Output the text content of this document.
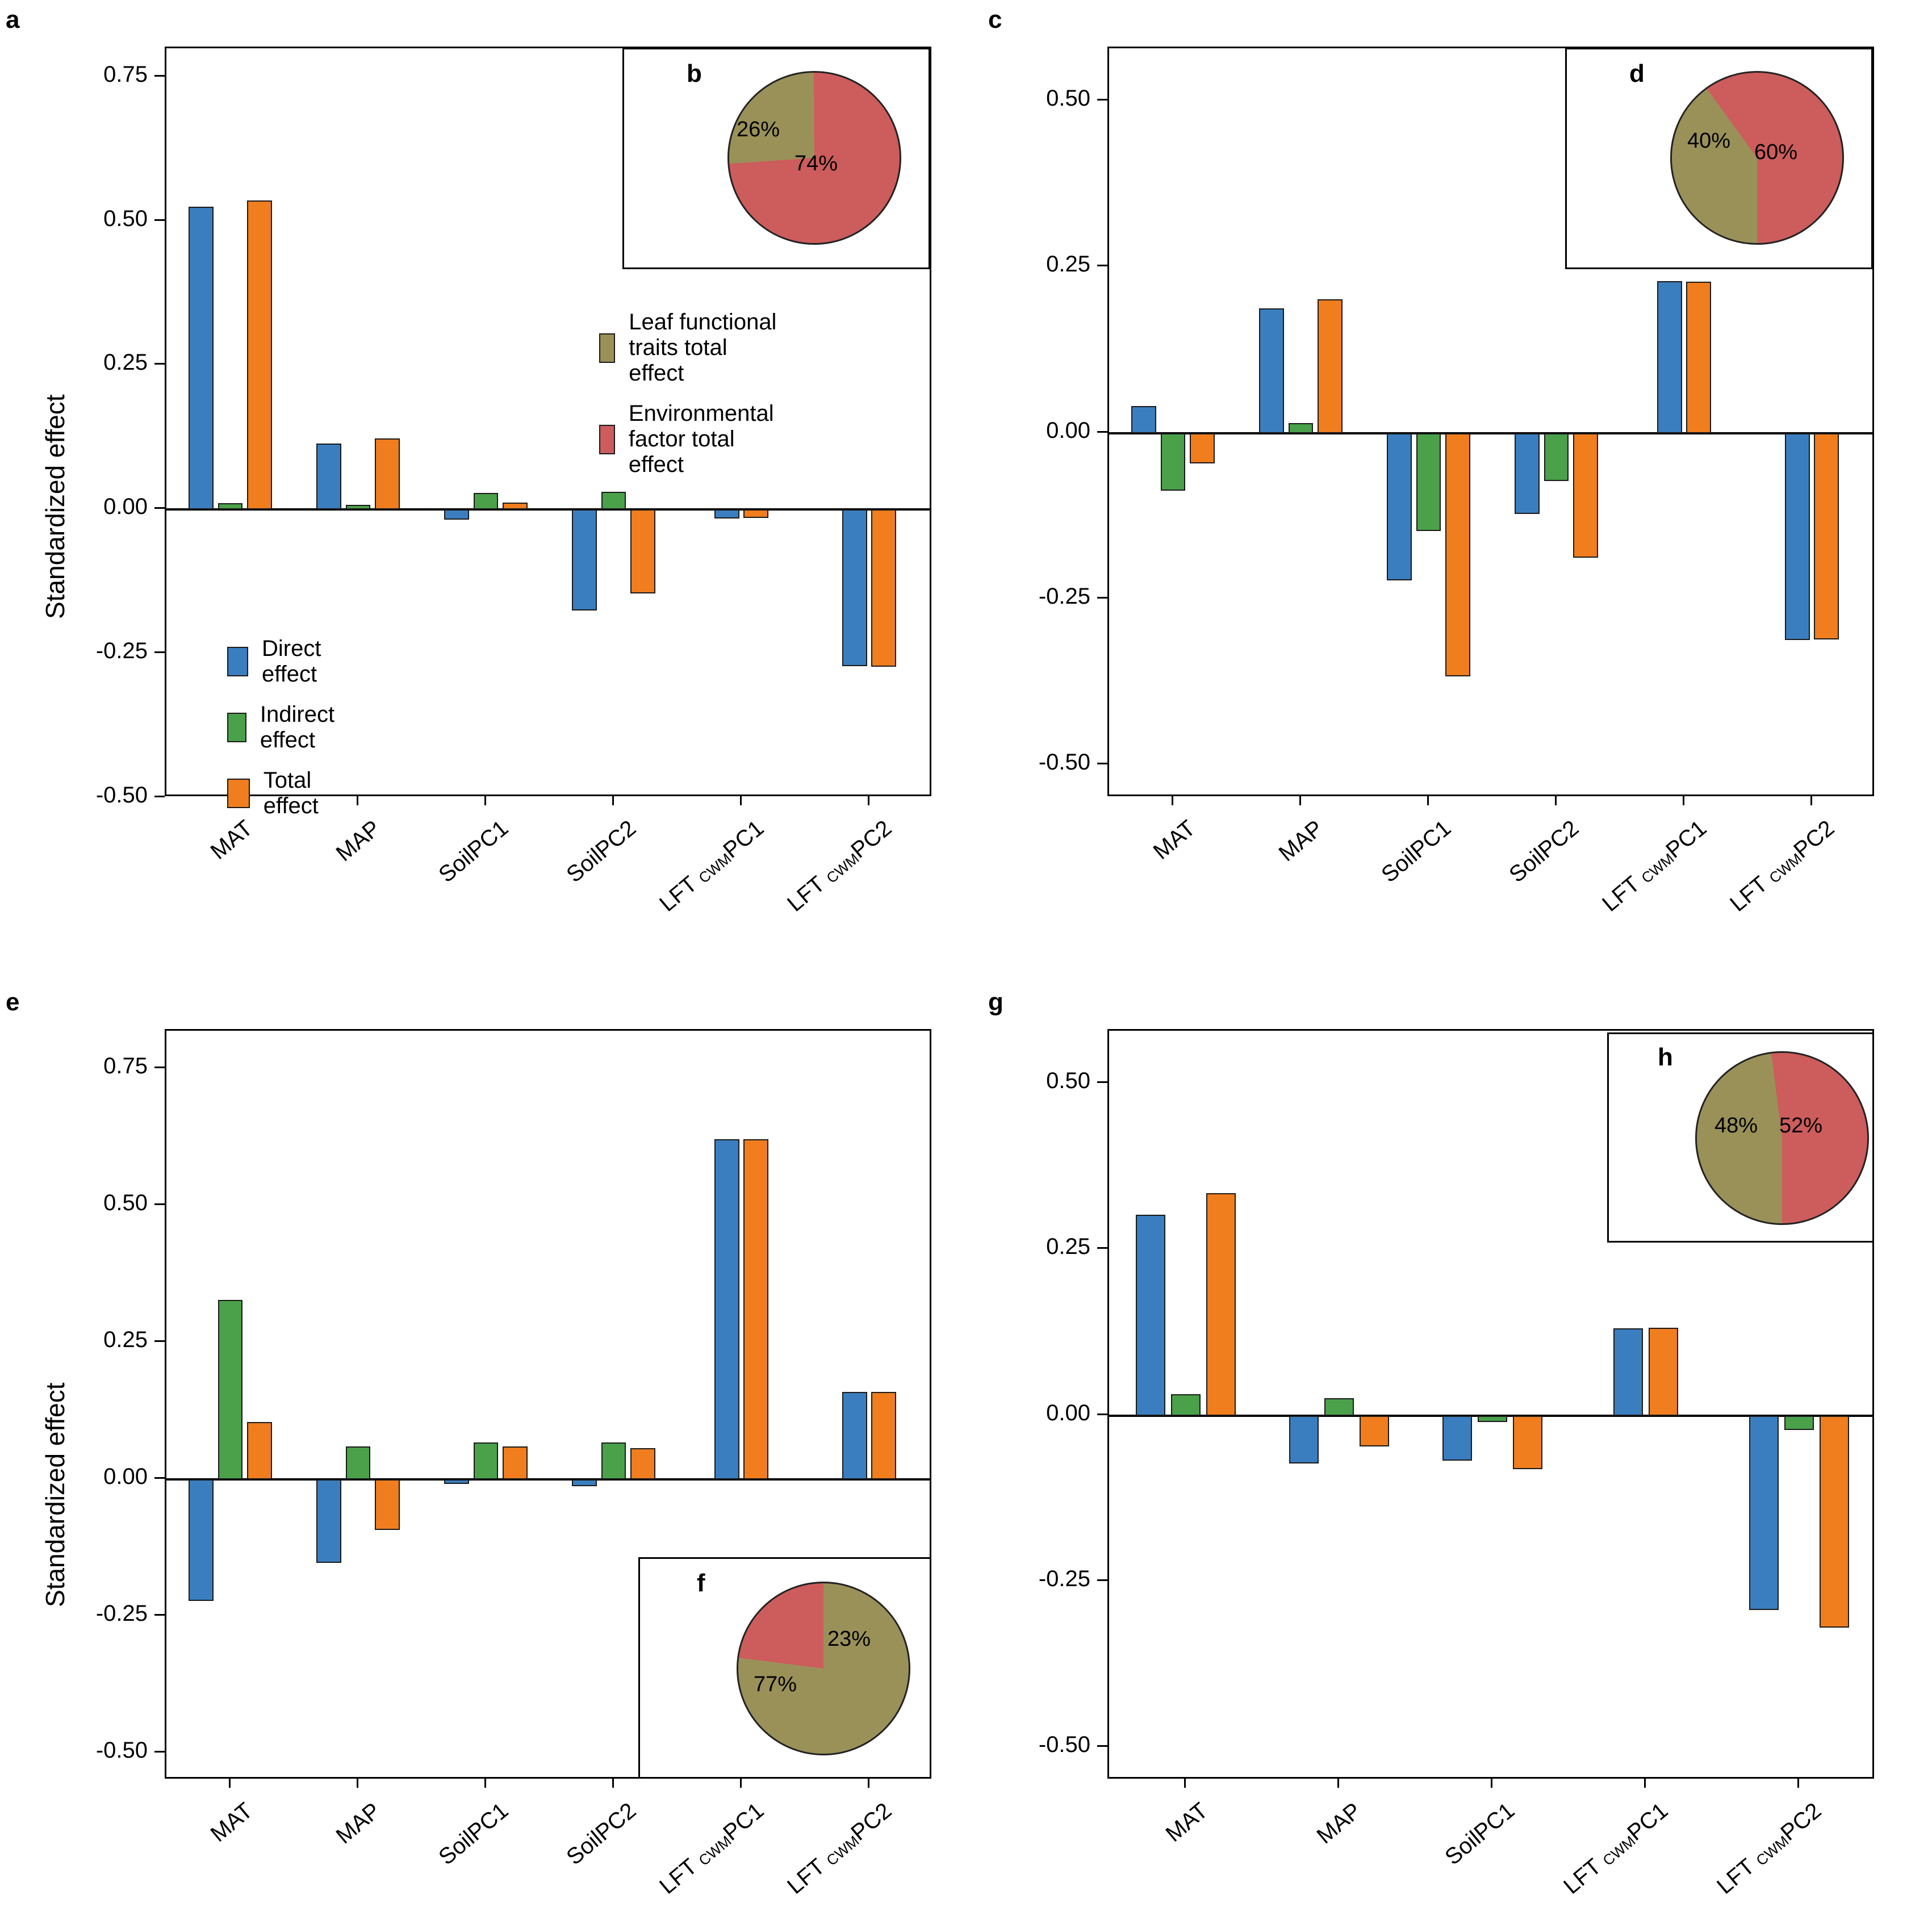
a
Standardized effect
-0.50
-0.25
0.00
0.25
0.50
0.75
MAT	MAP SoilPC1 SoilPC2
LFT CWMPC1
LFT CWMPC2
Direct effect
Indirect effect
Total effect
Leaf functional traits total effect
Environmental factor total effect
b
26%
74%
c
-0.50
-0.25
0.00
0.25
0.50
MAT	MAP SoilPC1 SoilPC2
LFT CWMPC1
LFT CWMPC2
d
40% 60%
e
Standardized effect
-0.50
-0.25
0.00
0.25
0.50
0.75
MAT	MAP SoilPC1 SoilPC2
LFT CWMPC1
LFT CWMPC2
f
77%
23%
g
-0.50
-0.25
0.00
0.25
0.50
MAT	MAP	SoilPC1
LFT CWMPC1
LFT CWMPC2
h
48% 52%
